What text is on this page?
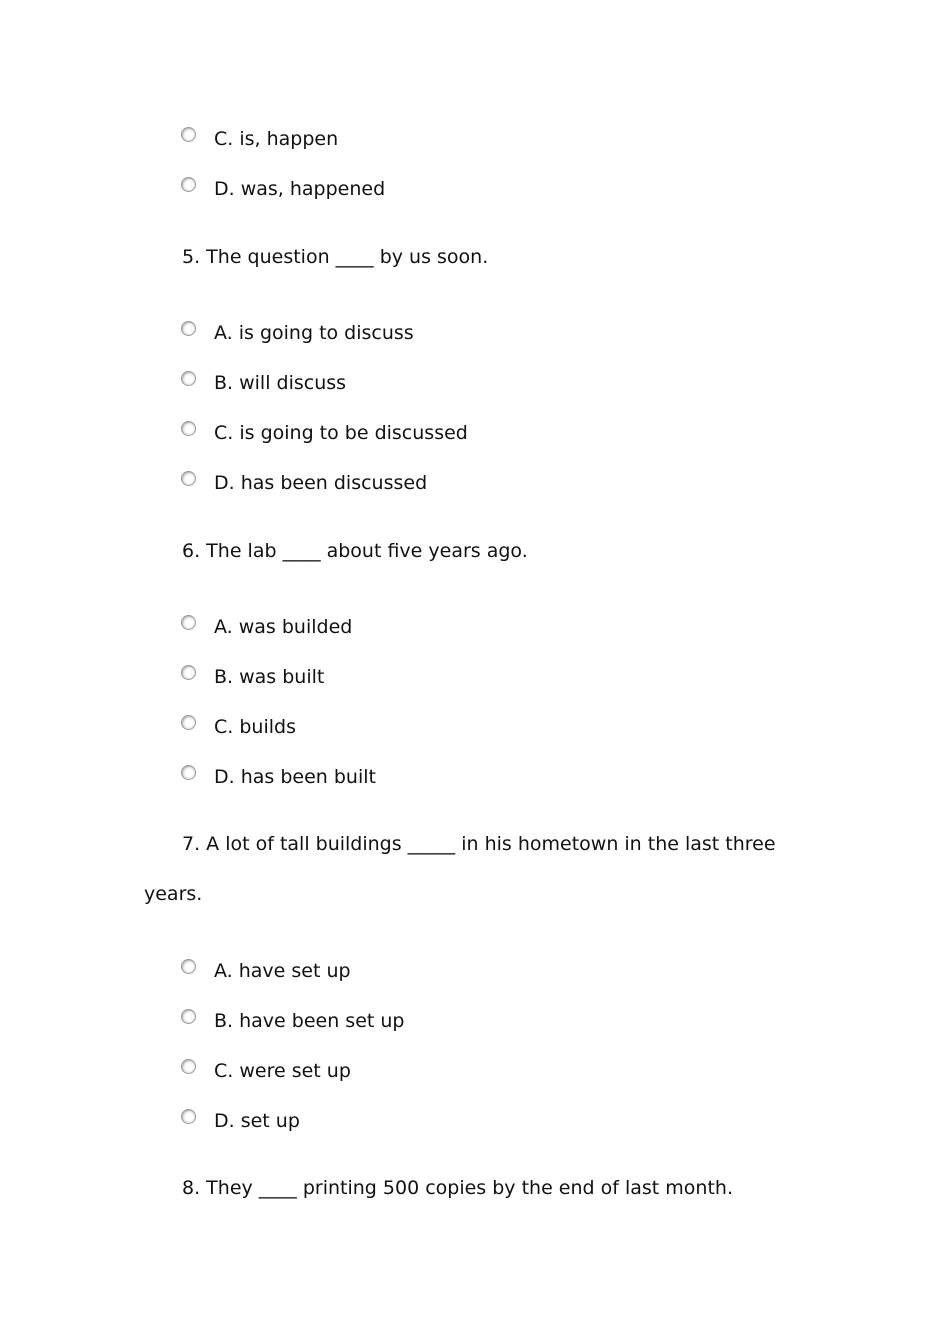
C. is, happen
D. was, happened
5. The question ____ by us soon.
A. is going to discuss
B. will discuss
C. is going to be discussed
D. has been discussed
6. The lab ____ about five years ago.
A. was builded
B. was built
C. builds
D. has been built
7. A lot of tall buildings _____ in his hometown in the last three
years.
A. have set up
B. have been set up
C. were set up
D. set up
8. They ____ printing 500 copies by the end of last month.
